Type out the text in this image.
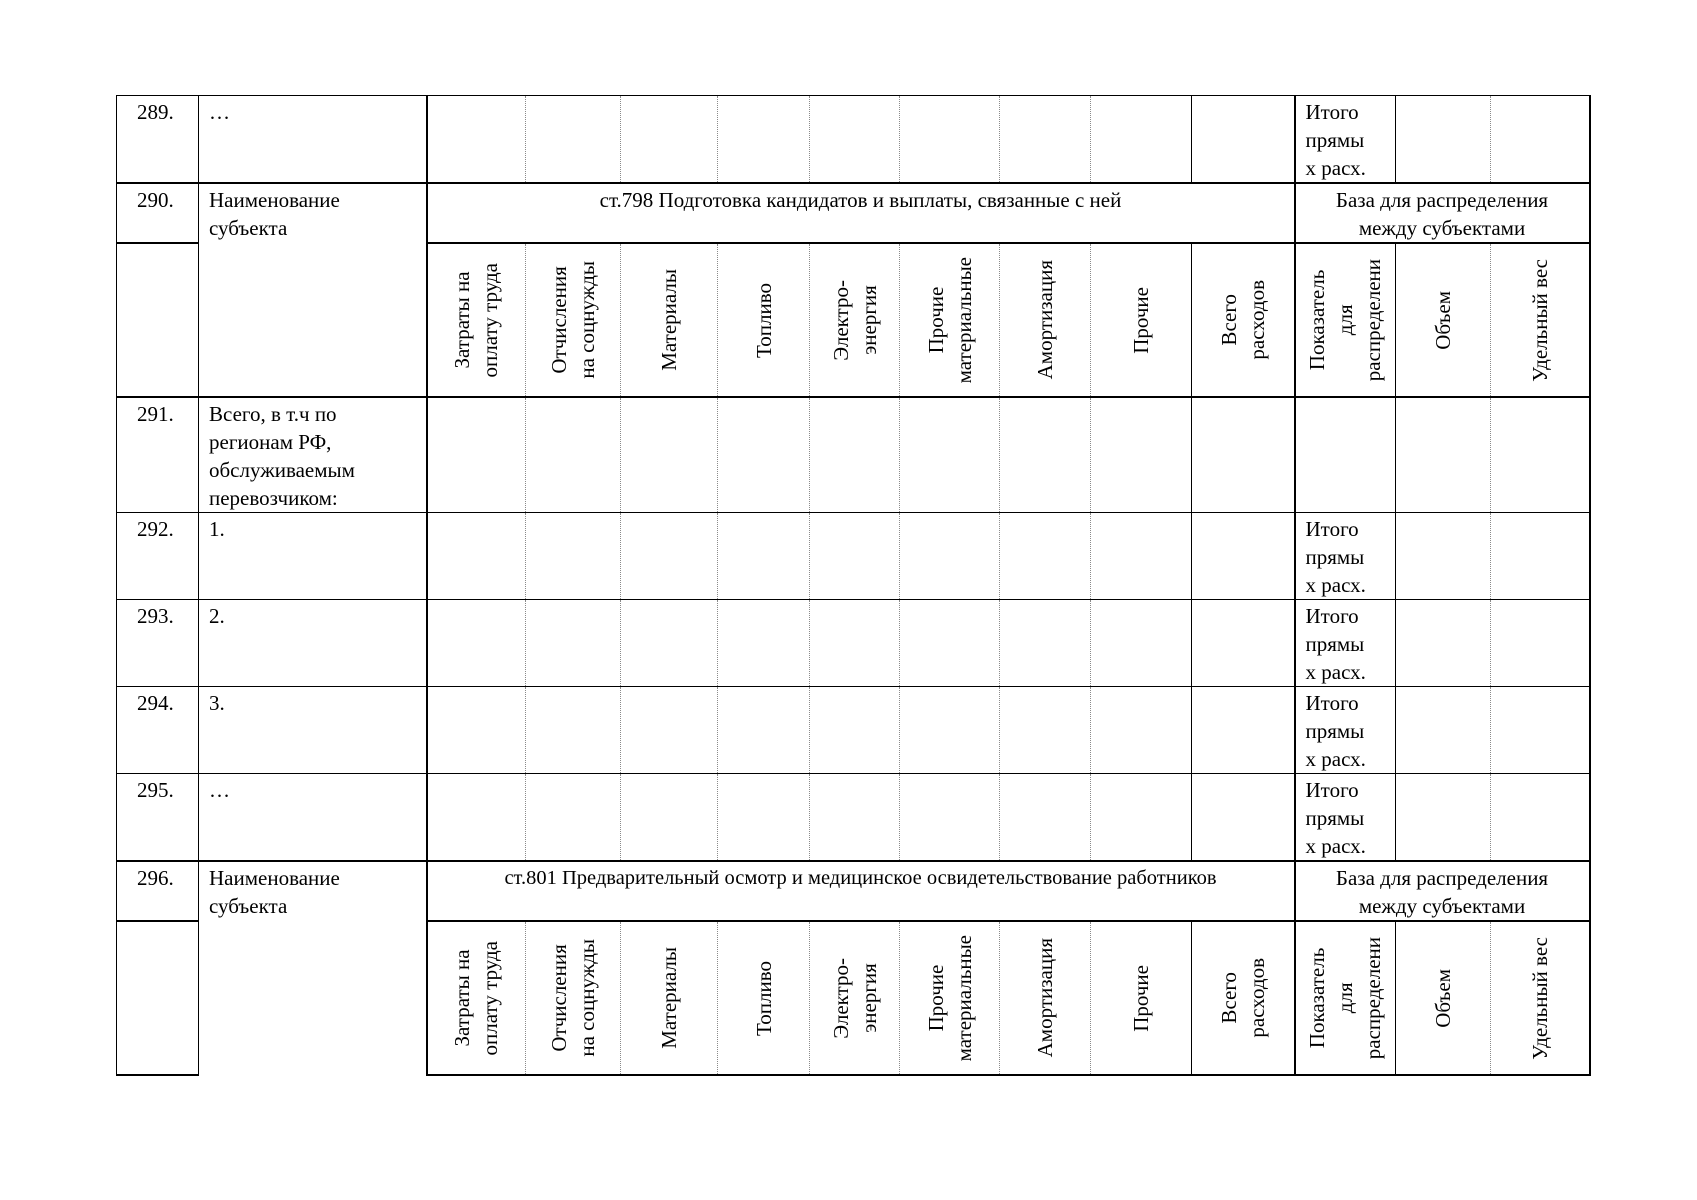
289.	…										Итого
прямы
х расх.		
290.	Наименование
субъекта	ст.798 Подготовка кандидатов и выплаты, связанные с ней									База для распределения
между субъектами		

		Затраты на
оплату труда	Отчисления
на соцнужды	Материалы	Топливо	Электро-
энергия	Прочие
материальные	Амортизация	Прочие	Всего
расходов	Показатель
для
распределени	Объем	Удельный вес

291.	Всего, в т.ч по
регионам РФ,
обслуживаемым
перевозчиком:												
292.	1.										Итого
прямы
х расх.		
293.	2.										Итого
прямы
х расх.		
294.	3.										Итого
прямы
х расх.		
295.	…										Итого
прямы
х расх.		
296.	Наименование
субъекта	ст.801 Предварительный осмотр и медицинское освидетельствование работников									База для распределения
между субъектами		

		Затраты на
оплату труда	Отчисления
на соцнужды	Материалы	Топливо	Электро-
энергия	Прочие
материальные	Амортизация	Прочие	Всего
расходов	Показатель
для
распределени	Объем	Удельный вес
